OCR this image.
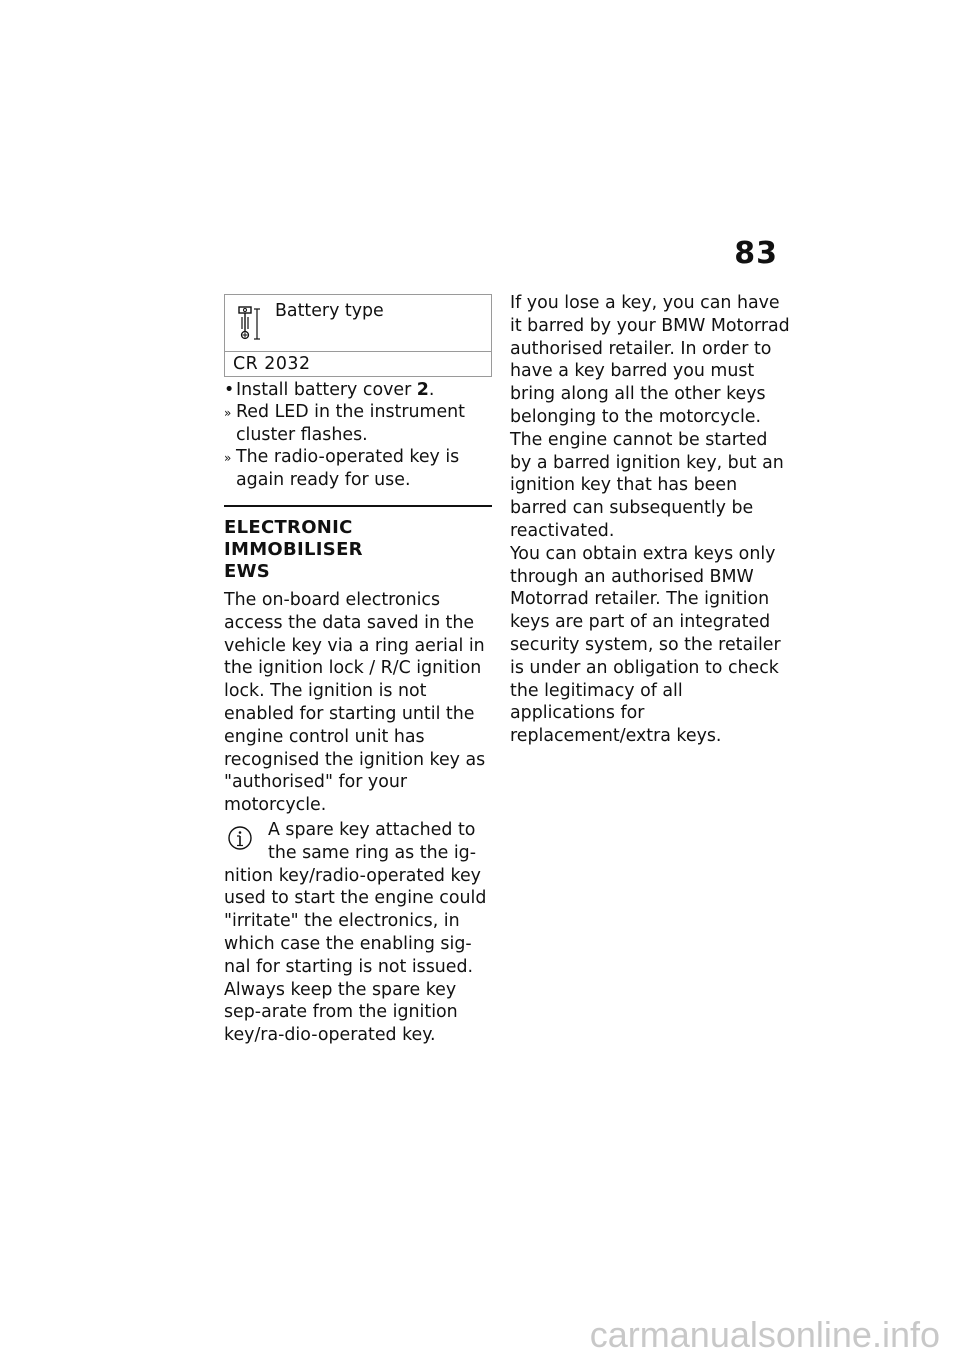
83
Battery type
CR 2032
• Install battery cover 2.
» Red LED in the instrument cluster flashes.
» The radio-operated key is again ready for use.
ELECTRONIC IMMOBILISER
EWS

The on-board electronics access the data saved in the vehicle key via a ring aerial in the ignition lock / R/C ignition lock. The ignition is not enabled for starting until the engine control unit has recognised the ignition key as "authorised" for your motorcycle.

A spare key attached to
the same ring as the ig-
nition key/radio-operated key
used to start the engine could
"irritate" the electronics, in
which case the enabling sig-
nal for starting is not issued.

Always keep the spare key sep-arate from the ignition key/ra-dio-operated key.

If you lose a key, you can have it barred by your BMW Motorrad authorised retailer. In order to have a key barred you must bring along all the other keys belonging to the motorcycle.

The engine cannot be started by a barred ignition key, but an ignition key that has been barred can subsequently be reactivated.

You can obtain extra keys only through an authorised BMW Motorrad retailer. The ignition keys are part of an integrated security system, so the retailer is under an obligation to check the legitimacy of all applications for replacement/extra keys.

carmanualsonline.info
